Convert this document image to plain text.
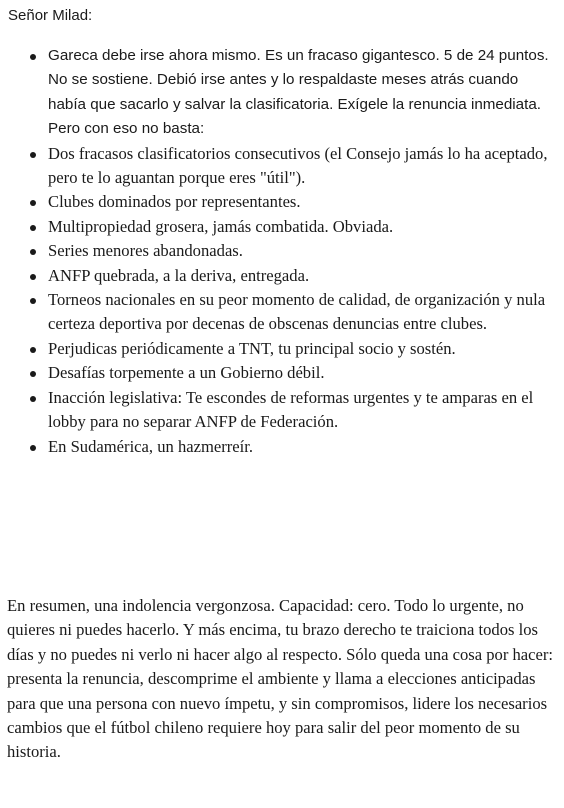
Señor Milad:

Gareca debe irse ahora mismo. Es un fracaso gigantesco. 5 de 24 puntos. No se sostiene. Debió irse antes y lo respaldaste meses atrás cuando había que sacarlo y salvar la clasificatoria. Exígele la renuncia inmediata. Pero con eso no basta:
Dos fracasos clasificatorios consecutivos (el Consejo jamás lo ha aceptado, pero te lo aguantan porque eres "útil").
Clubes dominados por representantes.
Multipropiedad grosera, jamás combatida. Obviada.
Series menores abandonadas.
ANFP quebrada, a la deriva, entregada.
Torneos nacionales en su peor momento de calidad, de organización y nula certeza deportiva por decenas de obscenas denuncias entre clubes.
Perjudicas periódicamente a TNT, tu principal socio y sostén.
Desafías torpemente a un Gobierno débil.
Inacción legislativa: Te escondes de reformas urgentes y te amparas en el lobby para no separar ANFP de Federación.
En Sudamérica, un hazmerreír.

En resumen, una indolencia vergonzosa. Capacidad: cero. Todo lo urgente, no quieres ni puedes hacerlo. Y más encima, tu brazo derecho te traiciona todos los días y no puedes ni verlo ni hacer algo al respecto. Sólo queda una cosa por hacer: presenta la renuncia, descomprime el ambiente y llama a elecciones anticipadas para que una persona con nuevo ímpetu, y sin compromisos, lidere los necesarios cambios que el fútbol chileno requiere hoy para salir del peor momento de su historia.
